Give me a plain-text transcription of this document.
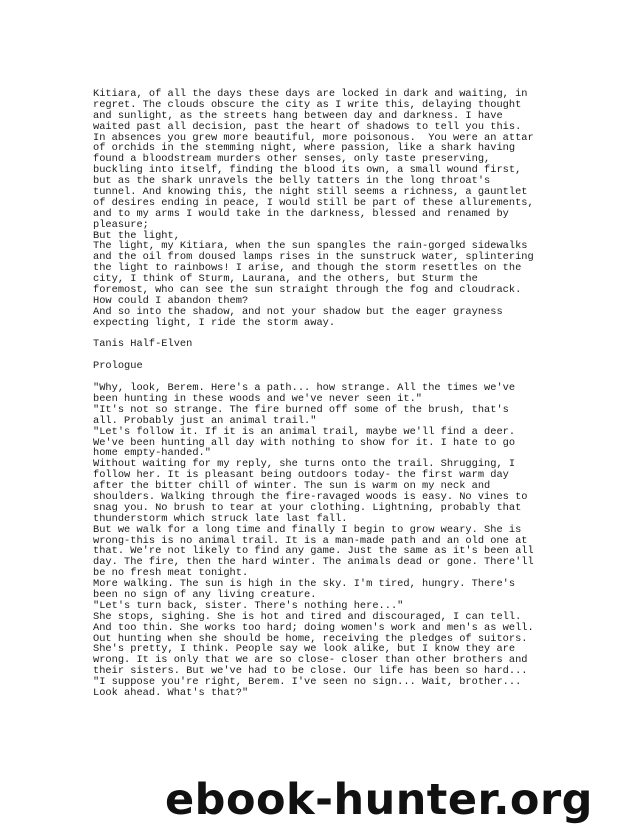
Kitiara, of all the days these days are locked in dark and waiting, in
regret. The clouds obscure the city as I write this, delaying thought
and sunlight, as the streets hang between day and darkness. I have
waited past all decision, past the heart of shadows to tell you this.
In absences you grew more beautiful, more poisonous.  You were an attar
of orchids in the stemming night, where passion, like a shark having
found a bloodstream murders other senses, only taste preserving,
buckling into itself, finding the blood its own, a small wound first,
but as the shark unravels the belly tatters in the long throat's
tunnel. And knowing this, the night still seems a richness, a gauntlet
of desires ending in peace, I would still be part of these allurements,
and to my arms I would take in the darkness, blessed and renamed by
pleasure;
But the light,
The light, my Kitiara, when the sun spangles the rain-gorged sidewalks
and the oil from doused lamps rises in the sunstruck water, splintering
the light to rainbows! I arise, and though the storm resettles on the
city, I think of Sturm, Laurana, and the others, but Sturm the
foremost, who can see the sun straight through the fog and cloudrack.
How could I abandon them?
And so into the shadow, and not your shadow but the eager grayness
expecting light, I ride the storm away.
Tanis Half-Elven
Prologue
"Why, look, Berem. Here's a path... how strange. All the times we've
been hunting in these woods and we've never seen it."
"It's not so strange. The fire burned off some of the brush, that's
all. Probably just an animal trail."
"Let's follow it. If it is an animal trail, maybe we'll find a deer.
We've been hunting all day with nothing to show for it. I hate to go
home empty-handed."
Without waiting for my reply, she turns onto the trail. Shrugging, I
follow her. It is pleasant being outdoors today- the first warm day
after the bitter chill of winter. The sun is warm on my neck and
shoulders. Walking through the fire-ravaged woods is easy. No vines to
snag you. No brush to tear at your clothing. Lightning, probably that
thunderstorm which struck late last fall.
But we walk for a long time and finally I begin to grow weary. She is
wrong-this is no animal trail. It is a man-made path and an old one at
that. We're not likely to find any game. Just the same as it's been all
day. The fire, then the hard winter. The animals dead or gone. There'll
be no fresh meat tonight.
More walking. The sun is high in the sky. I'm tired, hungry. There's
been no sign of any living creature.
"Let's turn back, sister. There's nothing here..."
She stops, sighing. She is hot and tired and discouraged, I can tell.
And too thin. She works too hard; doing women's work and men's as well.
Out hunting when she should be home, receiving the pledges of suitors.
She's pretty, I think. People say we look alike, but I know they are
wrong. It is only that we are so close- closer than other brothers and
their sisters. But we've had to be close. Our life has been so hard...
"I suppose you're right, Berem. I've seen no sign... Wait, brother...
Look ahead. What's that?"
ebook-hunter.org
